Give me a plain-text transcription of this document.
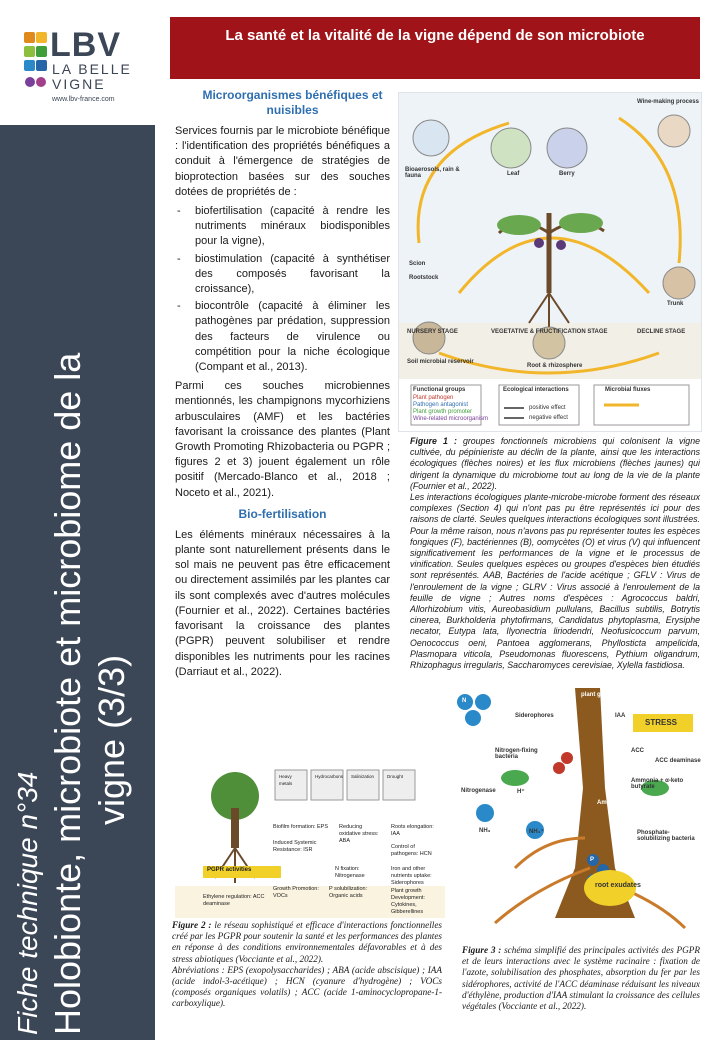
LBV
LA BELLE VIGNE
www.lbv-france.com
Fiche technique n°34 Holobionte, microbiote et microbiome de la vigne (3/3)
La santé et la vitalité de la vigne dépend de son microbiote
Microorganismes bénéfiques et nuisibles
Services fournis par le microbiote bénéfique : l'identification des propriétés bénéfiques a conduit à l'émergence de stratégies de bioprotection basées sur des souches dotées de propriétés de :
- biofertilisation (capacité à rendre les nutriments minéraux biodisponibles pour la vigne),
- biostimulation (capacité à synthétiser des composés favorisant la croissance),
- biocontrôle (capacité à éliminer les pathogènes par prédation, suppression des facteurs de virulence ou compétition pour la niche écologique (Compant et al., 2013).
Parmi ces souches microbiennes mentionnés, les champignons mycorhiziens arbusculaires (AMF) et les bactéries favorisant la croissance des plantes (Plant Growth Promoting Rhizobacteria ou PGPR ; figures 2 et 3) jouent également un rôle positif (Mercado-Blanco et al., 2018 ; Noceto et al., 2021).
Bio-fertilisation
Les éléments minéraux nécessaires à la plante sont naturellement présents dans le sol mais ne peuvent pas être efficacement ou directement assimilés par les plantes car ils sont complexés avec d'autres molécules (Fournier et al., 2022). Certaines bactéries favorisant la croissance des plantes (PGPR) peuvent solubiliser et rendre disponibles les nutriments pour les racines (Darriaut et al., 2022).
Wine-making process
Bioaerosols, rain & fauna	Leaf	Berry
Trunk
Scion
Rootstock
NURSERY STAGE	VEGETATIVE & FRUCTIFICATION STAGE	DECLINE STAGE
Root & rhizosphere
Soil microbial reservoir
Functional groups
Plant pathogen
Pathogen antagonist
Plant growth promoter
Wine-related microorganism
Ecological interactions
positive effect
negative effect
Microbial fluxes
Figure 1 : groupes fonctionnels microbiens qui colonisent la vigne cultivée, du pépinieriste au déclin de la plante, ainsi que les interactions écologiques (flèches noires) et les flux microbiens (flèches jaunes) qui dirigent la dynamique du microbiome tout au long de la vie de la plante (Fournier et al., 2022).
Les interactions écologiques plante-microbe-microbe forment des réseaux complexes (Section 4) qui n'ont pas pu être représentés ici pour des raisons de clarté. Seules quelques interactions écologiques sont illustrées. Pour la même raison, nous n'avons pas pu représenter toutes les espèces fongiques (F), bactériennes (B), oomycètes (O) et virus (V) qui influencent significativement les performances de la vigne et le processus de vinification. Seules quelques espèces ou groupes d'espèces bien étudiés sont représentés. AAB, Bactéries de l'acide acétique ; GFLV : Virus de l'enroulement de la vigne ; GLRV : Virus associé à l'enroulement de la feuille de vigne ; Autres noms d'espèces : Agrococcus baldri, Allorhizobium vitis, Aureobasidium pullulans, Bacillus subtilis, Botrytis cinerea, Burkholderia phytofirmans, Candidatus phytoplasma, Erysiphe necator, Eutypa lata, Ilyonectria liriodendri, Neofusicoccum parvum, Oenococcus oeni, Pantoea agglomerans, Phyllosticta ampelicida, Plasmopara viticola, Pseudomonas fluorescens, Pythium oligandrum, Rhizophagus irregularis, Saccharomyces cerevisiae, Xylella fastidiosa.
Heavy metals
Hydrocarbons	Salinization	Drought
Biofilm formation: EPS
Induced Systemic Resistance: ISR
Reducing oxidative stress: ABA
Roots elongation: IAA
Control of pathogens: HCN
PGPR activities	N fixation: Nitrogenase
Iron and other nutrients uptake: Siderophores
Growth Promotion: VOCs
P solubilization: Organic acids
Ethylene regulation: ACC deaminase
Plant growth Development: Cytokines, Gibberellines
Figure 2 : le réseau sophistiqué et efficace d'interactions fonctionnelles créé par les PGPR pour soutenir la santé et les performances des plantes en réponse à des conditions environnementales défavorables et à des stress abiotiques (Vocciante et al., 2022).
Abréviations : EPS (exopolysaccharides) ; ABA (acide abscisique) ; IAA (acide indol-3-acétique) ; HCN (cyanure d'hydrogène) ; VOCs (composés organiques volatils) ; ACC (acide 1-aminocyclopropane-1-carboxylique).
plant growth
Siderophores	IAA
STRESS
ACC
ACC deaminase
ethylene
Ammonia + α-keto butyrate
Nitrogen-fixing bacteria
Nitrogenase	H⁺
NH₃	NH₄⁺
Amino acids
Phosphate-solubilizing bacteria
root exudates
N
P
Figure 3 : schéma simplifié des principales activités des PGPR et de leurs interactions avec le système racinaire : fixation de l'azote, solubilisation des phosphates, absorption du fer par les sidérophores, activité de l'ACC déaminase réduisant les niveaux d'éthylène, production d'IAA stimulant la croissance des cellules végétales (Vocciante et al., 2022).
